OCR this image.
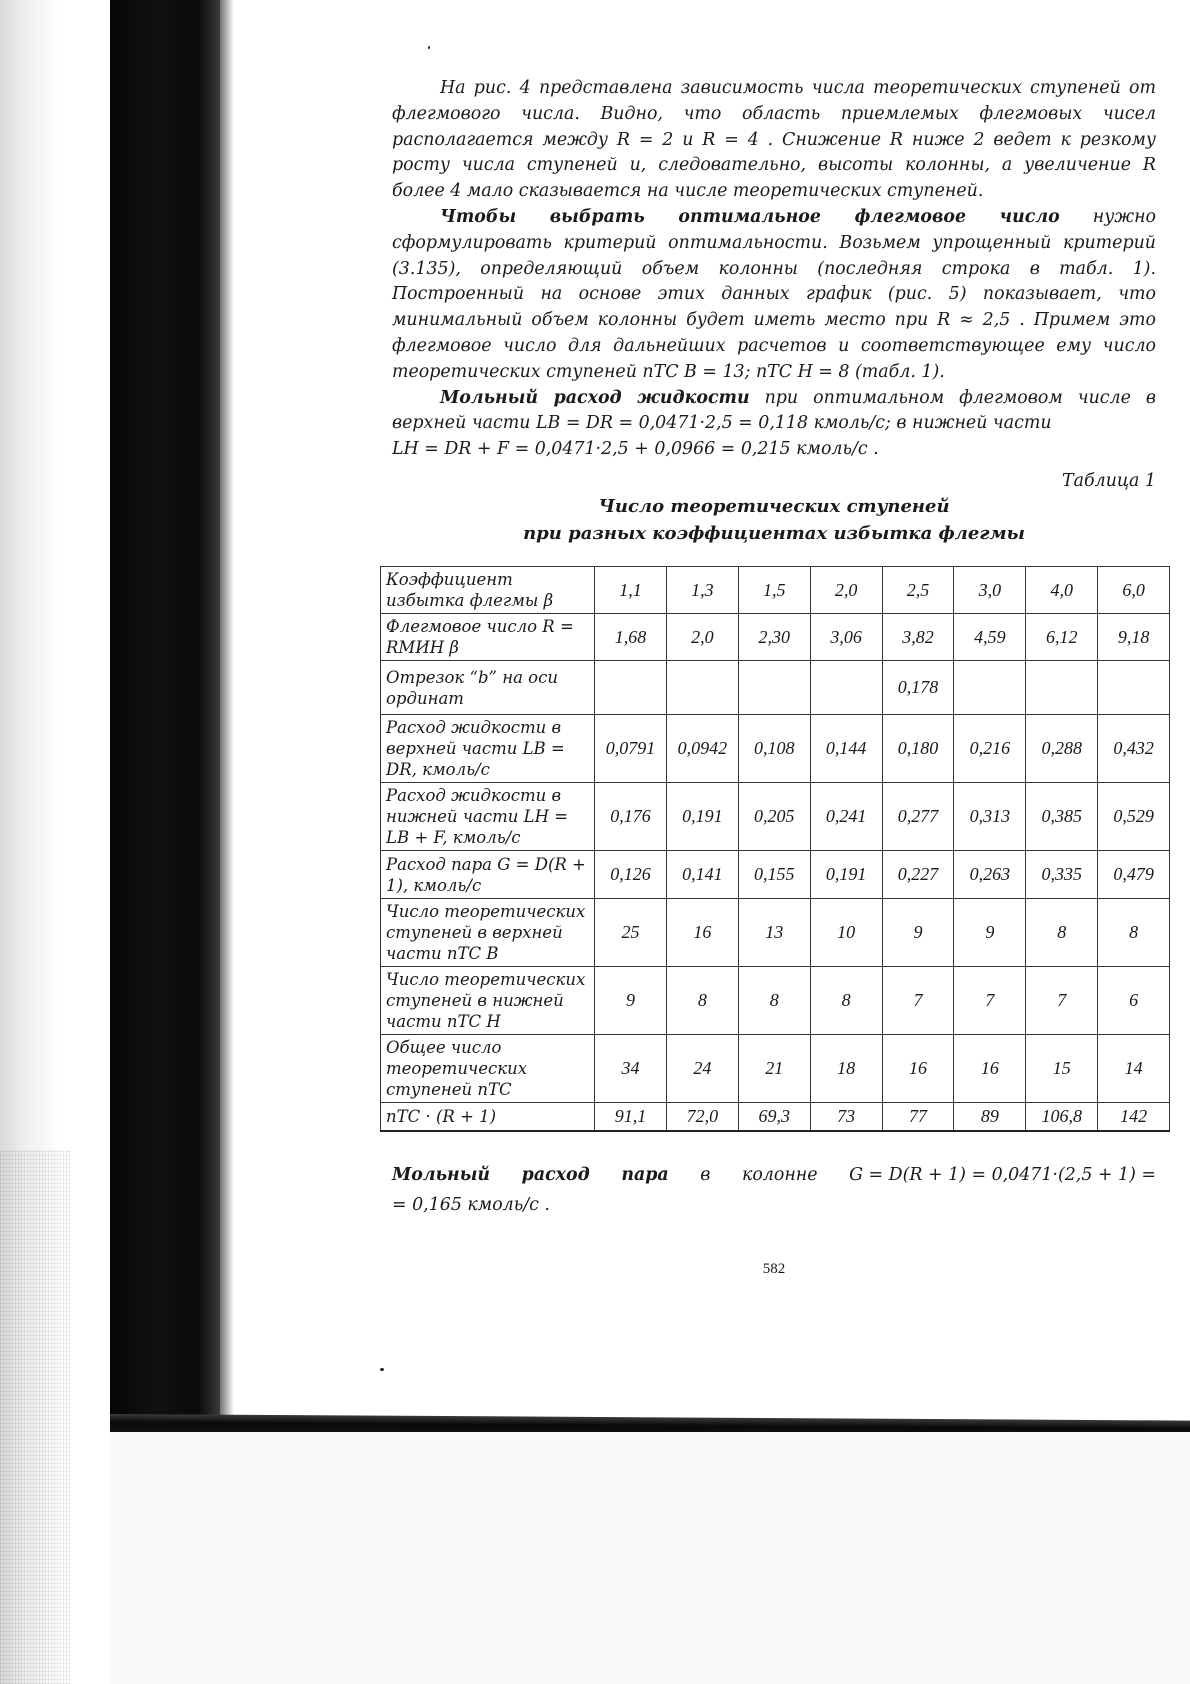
На рис. 4 представлена зависимость числа теоретических ступеней от флегмового числа. Видно, что область приемлемых флегмовых чисел располагается между R = 2 и R = 4 . Снижение R ниже 2 ведет к резкому росту числа ступеней и, следовательно, высоты колонны, а увеличение R более 4 мало сказывается на числе теоретических ступеней.

Чтобы выбрать оптимальное флегмовое число нужно сформулировать критерий оптимальности. Возьмем упрощенный критерий (3.135), определяющий объем колонны (последняя строка в табл. 1). Построенный на основе этих данных график (рис. 5) показывает, что минимальный объем колонны будет иметь место при R ≈ 2,5 . Примем это флегмовое число для дальнейших расчетов и соответствующее ему число теоретических ступеней nТС В = 13; nТС Н = 8 (табл. 1).

Мольный расход жидкости при оптимальном флегмовом числе в верхней части LВ = DR = 0,0471·2,5 = 0,118 кмоль/с; в нижней части

LН = DR + F = 0,0471·2,5 + 0,0966 = 0,215 кмоль/с .

Таблица 1
Число теоретических ступеней
при разных коэффициентах избытка флегмы
Коэффициент избытка флегмы β	1,1	1,3	1,5	2,0	2,5	3,0	4,0	6,0
Флегмовое число R = RМИН β	1,68	2,0	2,30	3,06	3,82	4,59	6,12	9,18
Отрезок “b” на оси ординат					0,178			
Расход жидкости в верхней части LВ = DR, кмоль/с	0,0791	0,0942	0,108	0,144	0,180	0,216	0,288	0,432
Расход жидкости в нижней части LН = LВ + F, кмоль/с	0,176	0,191	0,205	0,241	0,277	0,313	0,385	0,529
Расход пара G = D(R + 1), кмоль/с	0,126	0,141	0,155	0,191	0,227	0,263	0,335	0,479
Число теоретических ступеней в верхней части nТС В	25	16	13	10	9	9	8	8
Число теоретических ступеней в нижней части nТС Н	9	8	8	8	7	7	7	6
Общее число теоретических ступеней nТС	34	24	21	18	16	16	15	14
nТС · (R + 1)	91,1	72,0	69,3	73	77	89	106,8	142
Мольный расход пара в колонне G = D(R + 1) = 0,0471·(2,5 + 1) =
= 0,165 кмоль/с .
582
